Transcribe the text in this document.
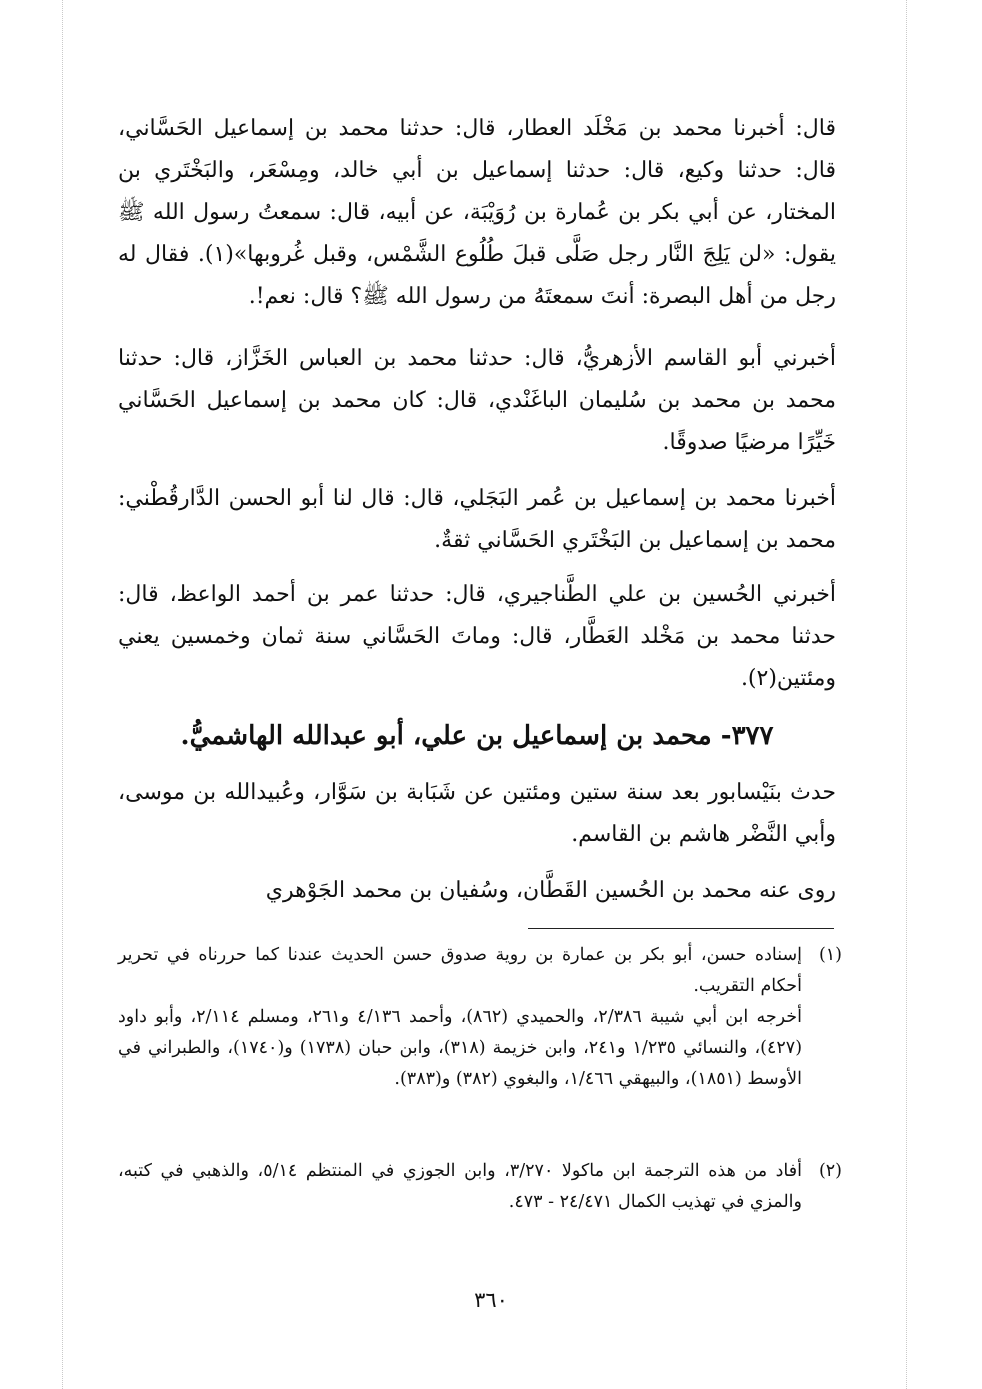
قال: أخبرنا محمد بن مَخْلَد العطار، قال: حدثنا محمد بن إسماعيل الحَسَّاني، قال: حدثنا وكيع، قال: حدثنا إسماعيل بن أبي خالد، ومِسْعَر، والبَخْتَري بن المختار، عن أبي بكر بن عُمارة بن رُوَيْبَة، عن أبيه، قال: سمعتُ رسول الله ﷺ يقول: «لن يَلِجَ النَّار رجل صَلَّى قبلَ طُلُوع الشَّمْس، وقبل غُروبها»(١). فقال له رجل من أهل البصرة: أنتَ سمعتَهُ من رسول الله ﷺ؟ قال: نعم!.

أخبرني أبو القاسم الأزهريُّ، قال: حدثنا محمد بن العباس الخَزَّاز، قال: حدثنا محمد بن محمد بن سُليمان الباغَنْدي، قال: كان محمد بن إسماعيل الحَسَّاني خَيِّرًا مرضيًا صدوقًا.

أخبرنا محمد بن إسماعيل بن عُمر البَجَلي، قال: قال لنا أبو الحسن الدَّارقُطْني: محمد بن إسماعيل بن البَخْتَري الحَسَّاني ثقةٌ.

أخبرني الحُسين بن علي الطَّناجيري، قال: حدثنا عمر بن أحمد الواعظ، قال: حدثنا محمد بن مَخْلد العَطَّار، قال: وماتَ الحَسَّاني سنة ثمان وخمسين يعني ومئتين(٢).

٣٧٧- محمد بن إسماعيل بن علي، أبو عبدالله الهاشميُّ.

حدث بنَيْسابور بعد سنة ستين ومئتين عن شَبَابة بن سَوَّار، وعُبيدالله بن موسى، وأبي النَّضْر هاشم بن القاسم.

روى عنه محمد بن الحُسين القَطَّان، وسُفيان بن محمد الجَوْهري

(١)

إسناده حسن، أبو بكر بن عمارة بن روية صدوق حسن الحديث عندنا كما حررناه في تحرير أحكام التقريب.

أخرجه ابن أبي شيبة ٢/٣٨٦، والحميدي (٨٦٢)، وأحمد ٤/١٣٦ و٢٦١، ومسلم ٢/١١٤، وأبو داود (٤٢٧)، والنسائي ١/٢٣٥ و٢٤١، وابن خزيمة (٣١٨)، وابن حبان (١٧٣٨) و(١٧٤٠)، والطبراني في الأوسط (١٨٥١)، والبيهقي ١/٤٦٦، والبغوي (٣٨٢) و(٣٨٣).

(٢)

أفاد من هذه الترجمة ابن ماكولا ٣/٢٧٠، وابن الجوزي في المنتظم ٥/١٤، والذهبي في كتبه، والمزي في تهذيب الكمال ٢٤/٤٧١ - ٤٧٣.

٣٦٠
